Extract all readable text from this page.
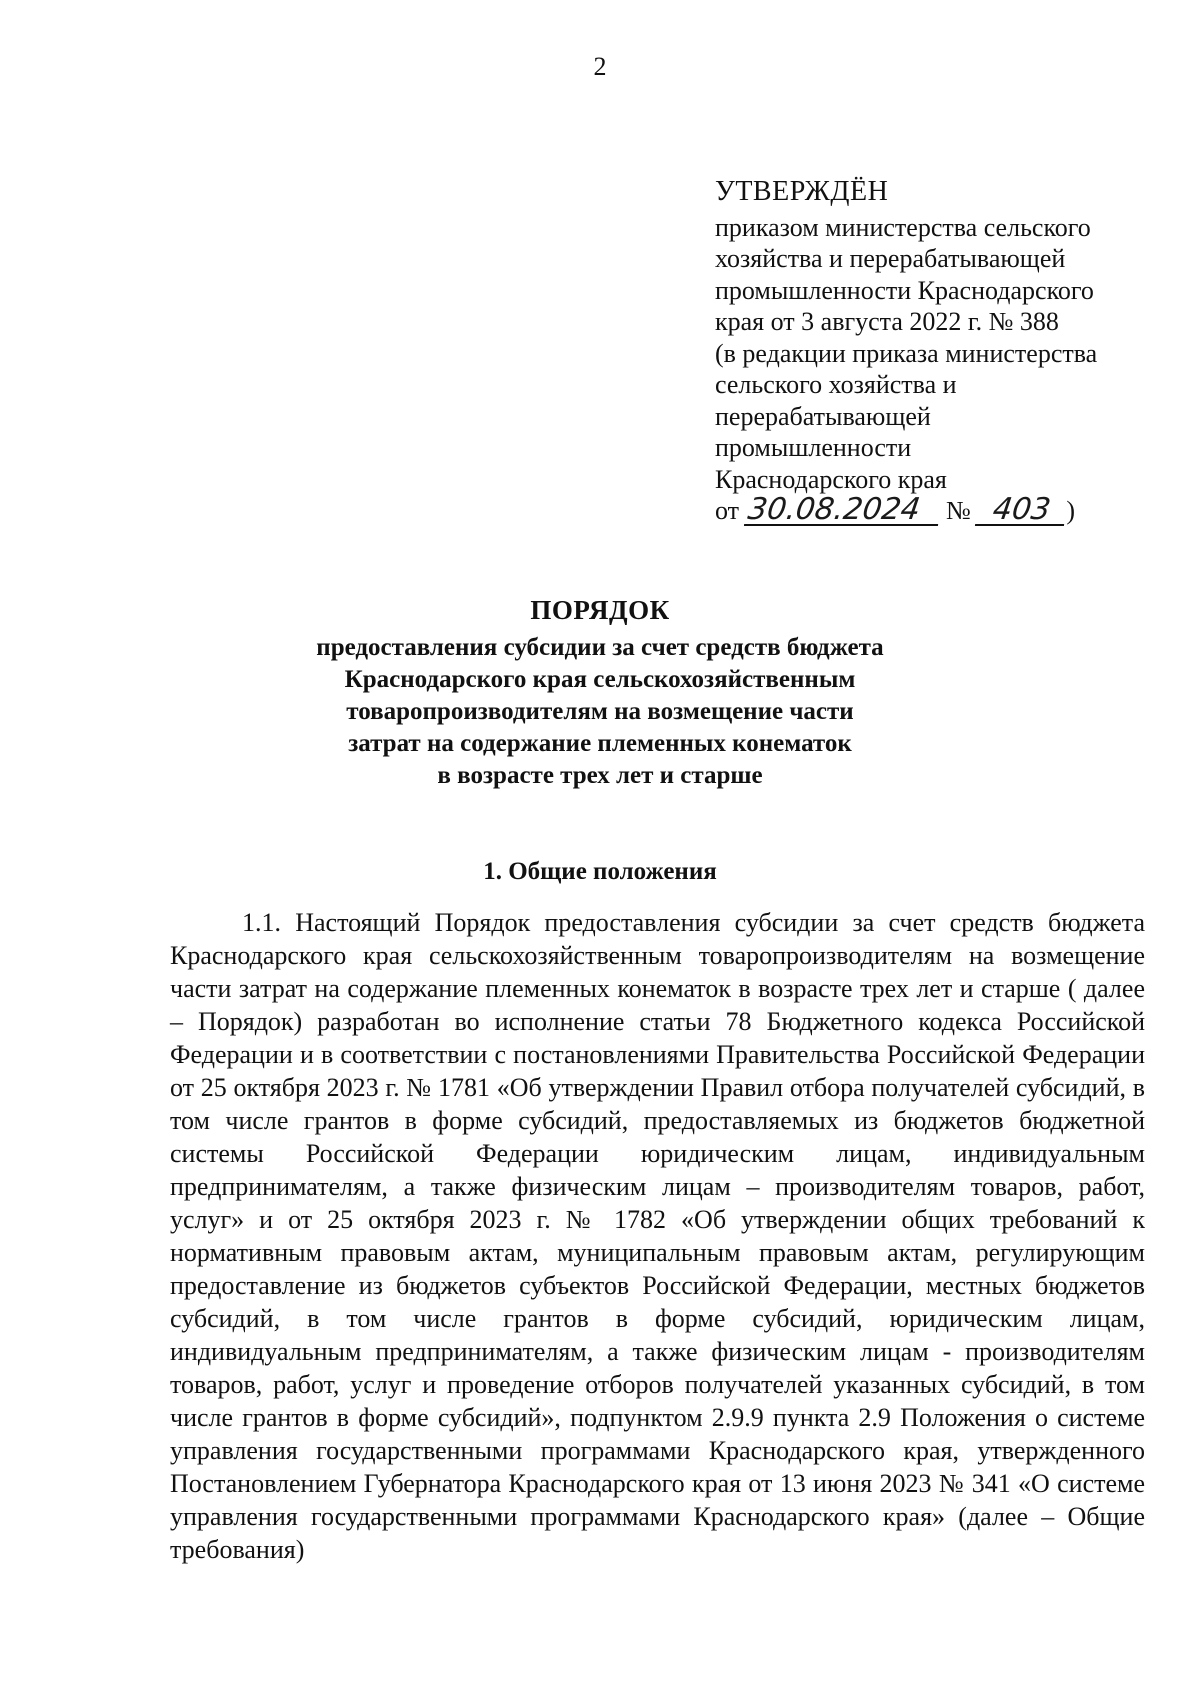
2
УТВЕРЖДЁН
приказом министерства сельского
хозяйства и перерабатывающей
промышленности Краснодарского
края от 3 августа 2022 г. № 388
(в редакции приказа министерства
сельского хозяйства и
перерабатывающей
промышленности
Краснодарского края
от 30.08.2024 № 403 )
ПОРЯДОК
предоставления субсидии за счет средств бюджета
Краснодарского края сельскохозяйственным
товаропроизводителям на возмещение части
затрат на содержание племенных конематок
в возрасте трех лет и старше
1. Общие положения

1.1. Настоящий Порядок предоставления субсидии за счет средств бюджета Краснодарского края сельскохозяйственным товаропроизводителям на возмещение части затрат на содержание племенных конематок в возрасте трех лет и старше ( далее – Порядок) разработан во исполнение статьи 78 Бюджетного кодекса Российской Федерации и в соответствии с постановлениями Правительства Российской Федерации от 25 октября 2023 г. № 1781 «Об утверждении Правил отбора получателей субсидий, в том числе грантов в форме субсидий, предоставляемых из бюджетов бюджетной системы Российской Федерации юридическим лицам, индивидуальным предпринимателям, а также физическим лицам – производителям товаров, работ, услуг» и от 25 октября 2023 г. № 1782 «Об утверждении общих требований к нормативным правовым актам, муниципальным правовым актам, регулирующим предоставление из бюджетов субъектов Российской Федерации, местных бюджетов субсидий, в том числе грантов в форме субсидий, юридическим лицам, индивидуальным предпринимателям, а также физическим лицам - производителям товаров, работ, услуг и проведение отборов получателей указанных субсидий, в том числе грантов в форме субсидий», подпунктом 2.9.9 пункта 2.9 Положения о системе управления государственными программами Краснодарского края, утвержденного Постановлением Губернатора Краснодарского края от 13 июня 2023 № 341 «О системе управления государственными программами Краснодарского края» (далее – Общие требования)
